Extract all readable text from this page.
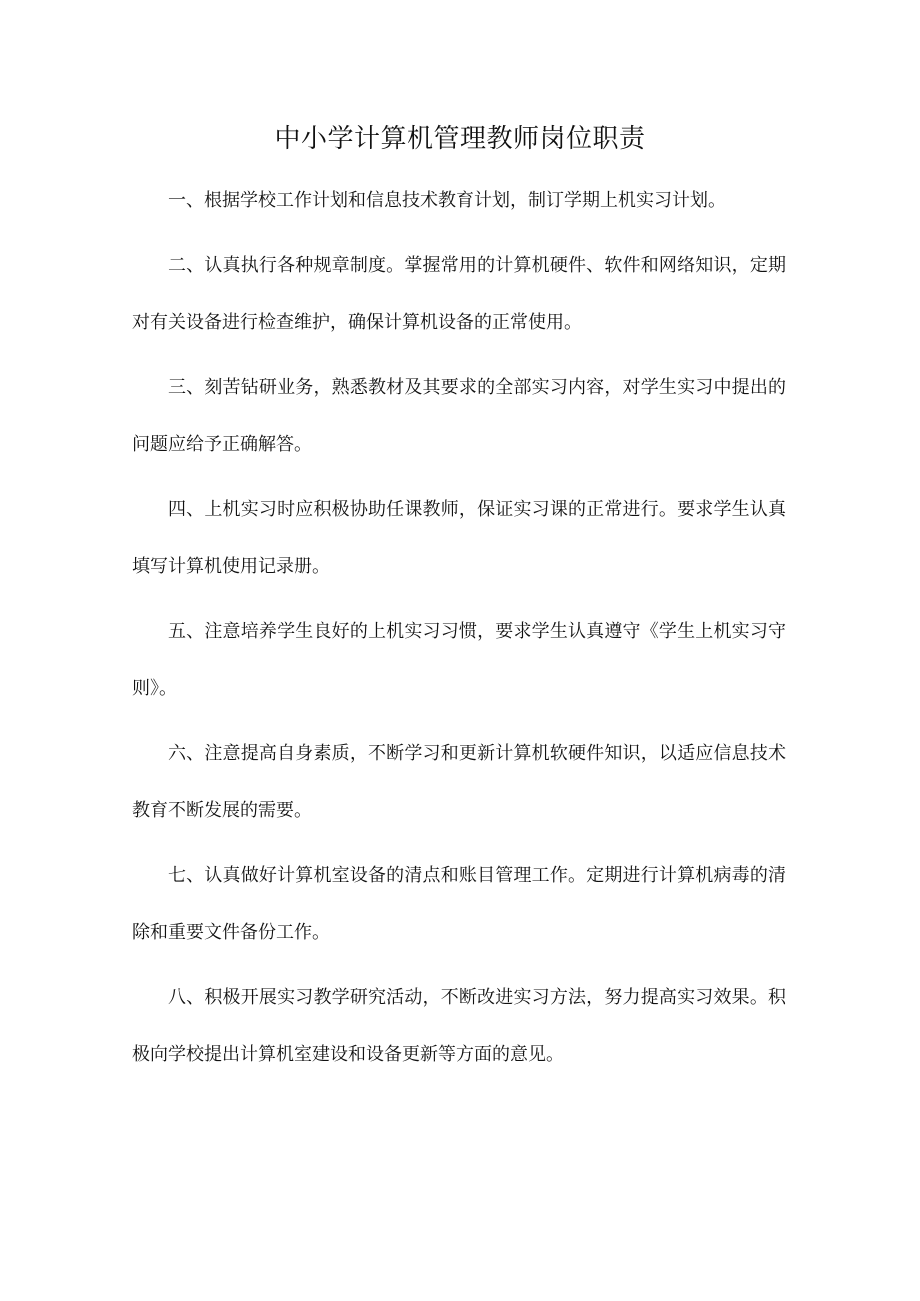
中小学计算机管理教师岗位职责

一、根据学校工作计划和信息技术教育计划，制订学期上机实习计划。

二、认真执行各种规章制度。掌握常用的计算机硬件、软件和网络知识，定期对有关设备进行检查维护，确保计算机设备的正常使用。

三、刻苦钻研业务，熟悉教材及其要求的全部实习内容，对学生实习中提出的问题应给予正确解答。

四、上机实习时应积极协助任课教师，保证实习课的正常进行。要求学生认真填写计算机使用记录册。

五、注意培养学生良好的上机实习习惯，要求学生认真遵守《学生上机实习守则》。

六、注意提高自身素质，不断学习和更新计算机软硬件知识，以适应信息技术教育不断发展的需要。

七、认真做好计算机室设备的清点和账目管理工作。定期进行计算机病毒的清除和重要文件备份工作。

八、积极开展实习教学研究活动，不断改进实习方法，努力提高实习效果。积极向学校提出计算机室建设和设备更新等方面的意见。
